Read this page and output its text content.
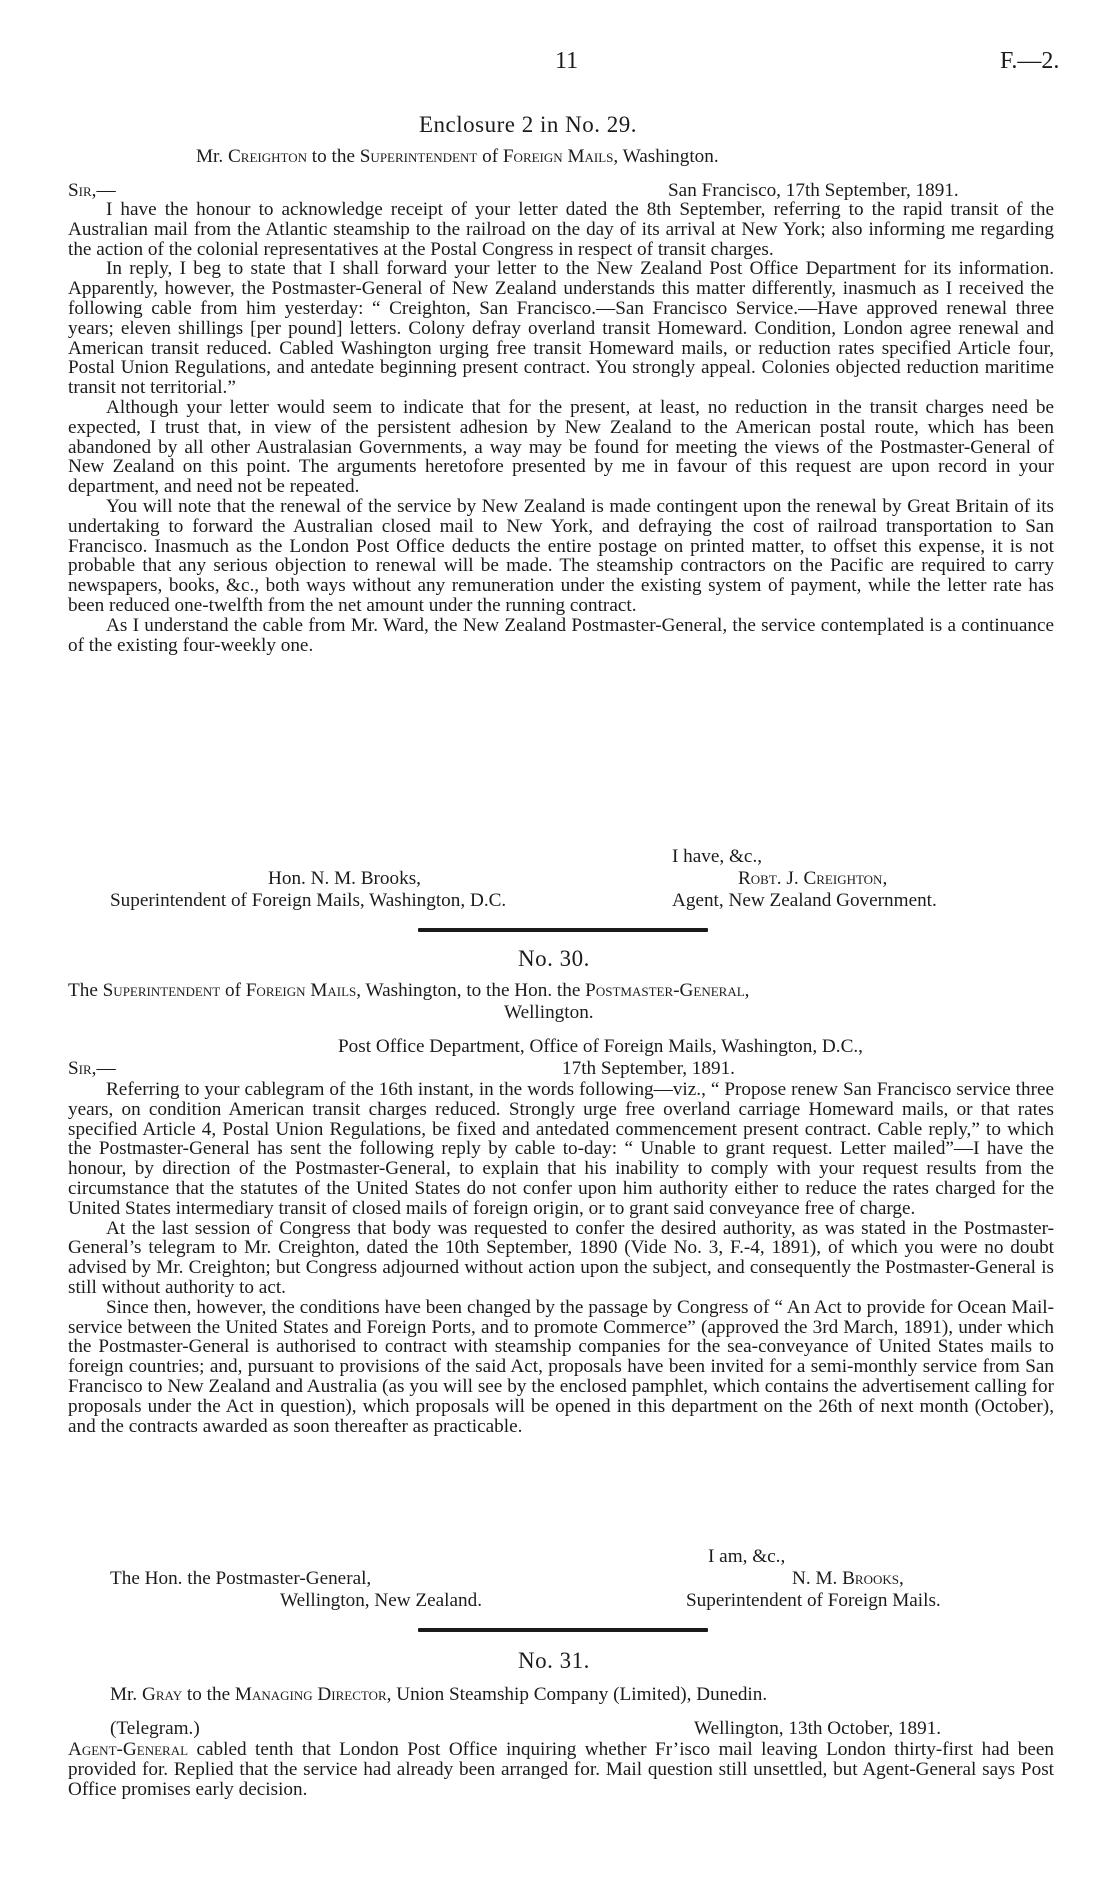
11	F.—2.
Enclosure 2 in No. 29.
Mr. Creighton to the Superintendent of Foreign Mails, Washington.
Sir,—	San Francisco, 17th September, 1891.

I have the honour to acknowledge receipt of your letter dated the 8th September, referring to the rapid transit of the Australian mail from the Atlantic steamship to the railroad on the day of its arrival at New York; also informing me regarding the action of the colonial representatives at the Postal Congress in respect of transit charges.

In reply, I beg to state that I shall forward your letter to the New Zealand Post Office Department for its information. Apparently, however, the Postmaster-General of New Zealand understands this matter differently, inasmuch as I received the following cable from him yesterday: “ Creighton, San Francisco.—San Francisco Service.—Have approved renewal three years; eleven shillings [per pound] letters. Colony defray overland transit Homeward. Condition, London agree renewal and American transit reduced. Cabled Washington urging free transit Homeward mails, or reduction rates specified Article four, Postal Union Regulations, and antedate beginning present contract. You strongly appeal. Colonies objected reduction maritime transit not territorial.”

Although your letter would seem to indicate that for the present, at least, no reduction in the transit charges need be expected, I trust that, in view of the persistent adhesion by New Zealand to the American postal route, which has been abandoned by all other Australasian Governments, a way may be found for meeting the views of the Postmaster-General of New Zealand on this point. The arguments heretofore presented by me in favour of this request are upon record in your department, and need not be repeated.

You will note that the renewal of the service by New Zealand is made contingent upon the renewal by Great Britain of its undertaking to forward the Australian closed mail to New York, and defraying the cost of railroad transportation to San Francisco. Inasmuch as the London Post Office deducts the entire postage on printed matter, to offset this expense, it is not probable that any serious objection to renewal will be made. The steamship contractors on the Pacific are required to carry newspapers, books, &c., both ways without any remuneration under the existing system of payment, while the letter rate has been reduced one-twelfth from the net amount under the running contract.

As I understand the cable from Mr. Ward, the New Zealand Postmaster-General, the service contemplated is a continuance of the existing four-weekly one.

I have, &c.,
Hon. N. M. Brooks,	Robt. J. Creighton,
Superintendent of Foreign Mails, Washington, D.C.	Agent, New Zealand Government.
No. 30.
The Superintendent of Foreign Mails, Washington, to the Hon. the Postmaster-General,
Wellington.
Post Office Department, Office of Foreign Mails, Washington, D.C.,
Sir,—	17th September, 1891.

Referring to your cablegram of the 16th instant, in the words following—viz., “ Propose renew San Francisco service three years, on condition American transit charges reduced. Strongly urge free overland carriage Homeward mails, or that rates specified Article 4, Postal Union Regulations, be fixed and antedated commencement present contract. Cable reply,” to which the Postmaster-General has sent the following reply by cable to-day: “ Unable to grant request. Letter mailed”—I have the honour, by direction of the Postmaster-General, to explain that his inability to comply with your request results from the circumstance that the statutes of the United States do not confer upon him authority either to reduce the rates charged for the United States intermediary transit of closed mails of foreign origin, or to grant said conveyance free of charge.

At the last session of Congress that body was requested to confer the desired authority, as was stated in the Postmaster-General’s telegram to Mr. Creighton, dated the 10th September, 1890 (Vide No. 3, F.-4, 1891), of which you were no doubt advised by Mr. Creighton; but Congress adjourned without action upon the subject, and consequently the Postmaster-General is still without authority to act.

Since then, however, the conditions have been changed by the passage by Congress of “ An Act to provide for Ocean Mail-service between the United States and Foreign Ports, and to promote Commerce” (approved the 3rd March, 1891), under which the Postmaster-General is authorised to contract with steamship companies for the sea-conveyance of United States mails to foreign countries; and, pursuant to provisions of the said Act, proposals have been invited for a semi-monthly service from San Francisco to New Zealand and Australia (as you will see by the enclosed pamphlet, which contains the advertisement calling for proposals under the Act in question), which proposals will be opened in this department on the 26th of next month (October), and the contracts awarded as soon thereafter as practicable.

I am, &c.,
The Hon. the Postmaster-General,	N. M. Brooks,
Wellington, New Zealand.	Superintendent of Foreign Mails.
No. 31.
Mr. Gray to the Managing Director, Union Steamship Company (Limited), Dunedin.
(Telegram.)	Wellington, 13th October, 1891.

Agent-General cabled tenth that London Post Office inquiring whether Fr’isco mail leaving London thirty-first had been provided for. Replied that the service had already been arranged for. Mail question still unsettled, but Agent-General says Post Office promises early decision.
